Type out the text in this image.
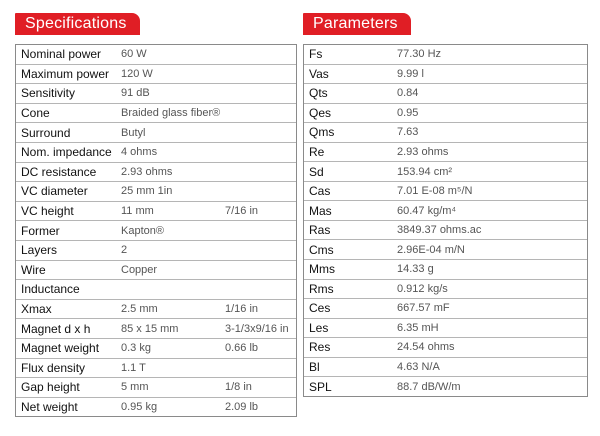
Specifications
Nominal power	60 W
Maximum power	120 W
Sensitivity	91 dB
Cone	Braided glass fiber®
Surround	Butyl
Nom. impedance 4 ohms
DC resistance	2.93 ohms
VC diameter	25 mm 1in
VC height	11 mm	7/16 in
Former	Kapton®
Layers	2
Wire	Copper
Inductance
Xmax	2.5 mm	1/16 in
Magnet d x h	85 x 15 mm	3-1/3x9/16 in
Magnet weight	0.3 kg	0.66 lb
Flux density	1.1 T
Gap height	5 mm	1/8 in
Net weight	0.95 kg	2.09 lb
Parameters
Fs	77.30 Hz
Vas	9.99 l
Qts	0.84
Qes	0.95
Qms	7.63
Re	2.93 ohms
Sd	153.94 cm²
Cas	7.01 E-08 m⁵/N
Mas	60.47 kg/m⁴
Ras	3849.37 ohms.ac
Cms	2.96E-04 m/N
Mms	14.33 g
Rms	0.912 kg/s
Ces	667.57 mF
Les	6.35 mH
Res	24.54 ohms
Bl	4.63 N/A
SPL	88.7 dB/W/m
